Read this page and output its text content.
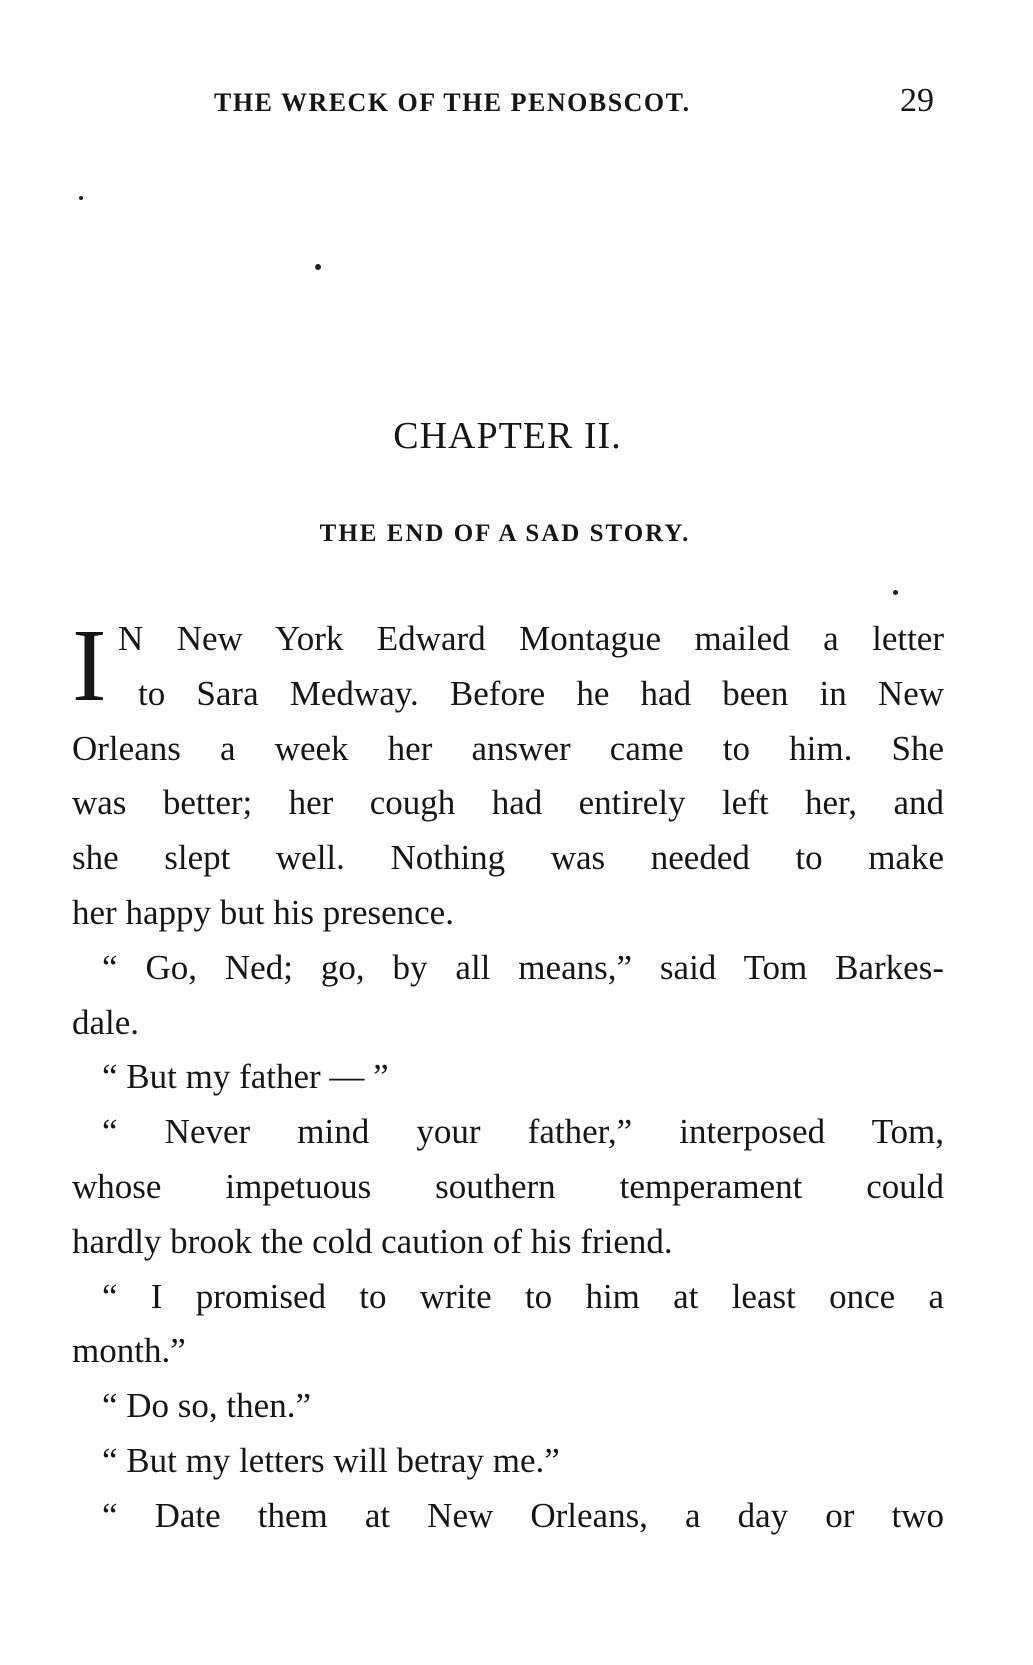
THE WRECK OF THE PENOBSCOT.	29
CHAPTER II.
THE END OF A SAD STORY.
I N New York Edward Montague mailed a letter
to Sara Medway. Before he had been in New
Orleans a week her answer came to him. She
was better; her cough had entirely left her, and
she slept well. Nothing was needed to make
her happy but his presence.
“ Go, Ned; go, by all means,” said Tom Barkes-
dale.
“ But my father — ”
“ Never mind your father,” interposed Tom,
whose impetuous southern temperament could
hardly brook the cold caution of his friend.
“ I promised to write to him at least once a
month.”
“ Do so, then.”
“ But my letters will betray me.”
“ Date them at New Orleans, a day or two
